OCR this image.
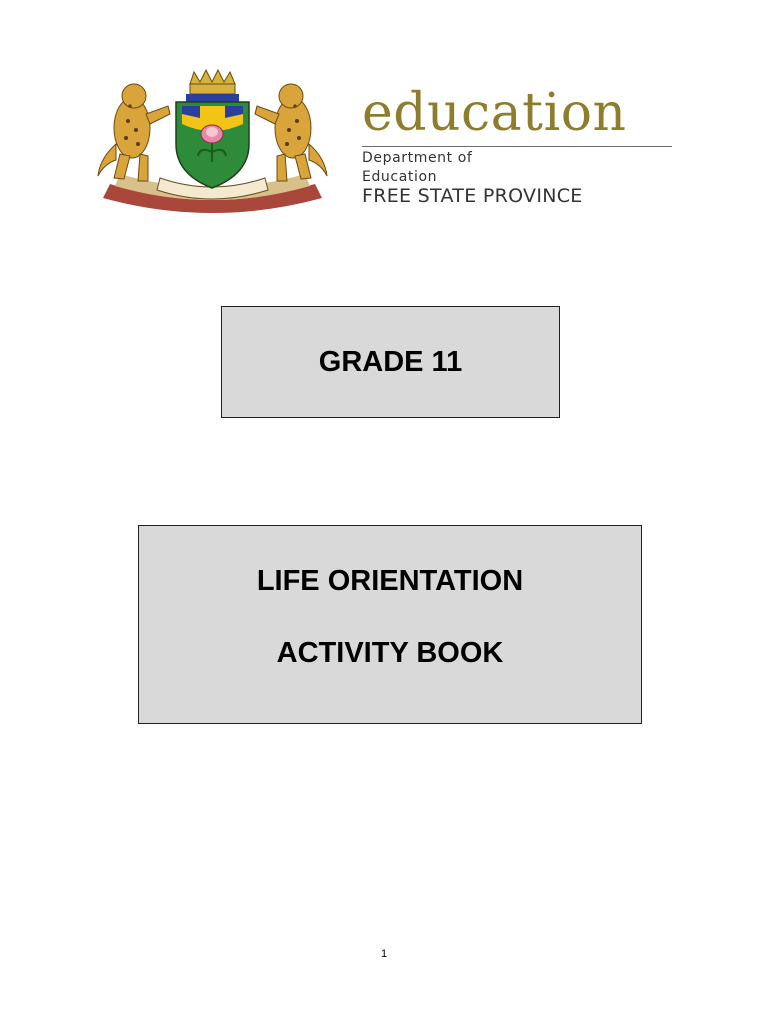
education
Department of
Education
FREE STATE PROVINCE
GRADE 11
LIFE ORIENTATION
ACTIVITY BOOK
1
